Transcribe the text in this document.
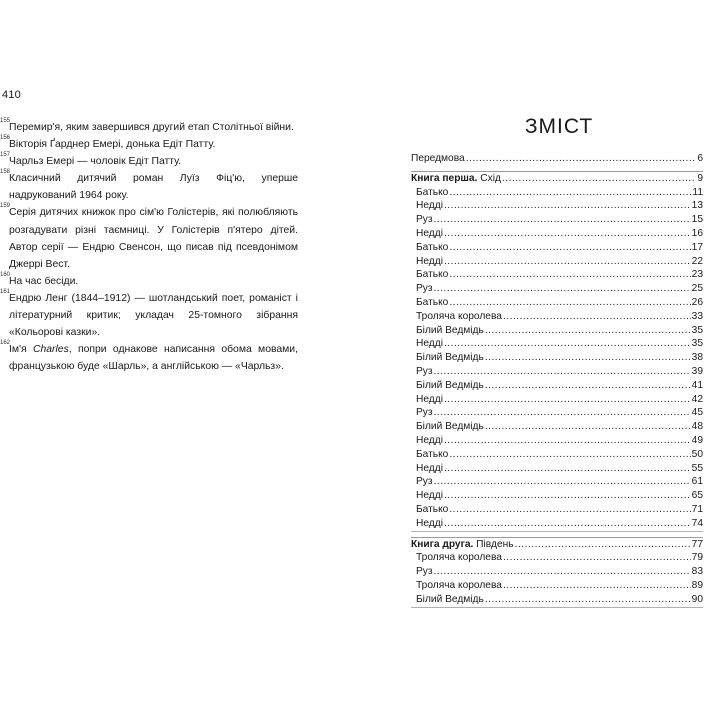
410
155
Перемир'я, яким завершився другий етап Столітньої війни.
156
Вікторія Ґарднер Емері, донька Едіт Патту.
157
Чарльз Емері — чоловік Едіт Патту.
158
Класичний дитячий роман Луїз Фіц'ю, уперше надрукований 1964 року.
159
Серія дитячих книжок про сім'ю Голістерів, які полюбляють розгадувати різні таємниці. У Голістерів п'ятеро дітей. Автор серії — Ендрю Свенсон, що писав під псевдонімом Джеррі Вест.
160
На час бесіди.
161
Ендрю Ленг (1844–1912) — шотландський поет, романіст і літературний критик; укладач 25-томного зібрання «Кольорові казки».
162
Ім'я Charles, попри однакове написання обома мовами, французькою буде «Шарль», а англійською — «Чарльз».
ЗМІСТ
Передмова .....	6
Книга перша. Схід .....	9
Батько .....	11
Недді .....	13
Руз .....	15
Недді .....	16
Батько .....	17
Недді .....	22
Батько .....	23
Руз .....	25
Батько .....	26
Троляча королева .....	33
Білий Ведмідь .....	35
Недді .....	35
Білий Ведмідь .....	38
Руз .....	39
Білий Ведмідь .....	41
Недді .....	42
Руз .....	45
Білий Ведмідь .....	48
Недді .....	49
Батько .....	50
Недді .....	55
Руз .....	61
Недді .....	65
Батько .....	71
Недді .....	74
Книга друга. Південь .....	77
Троляча королева .....	79
Руз .....	83
Троляча королева .....	89
Білий Ведмідь .....	90
